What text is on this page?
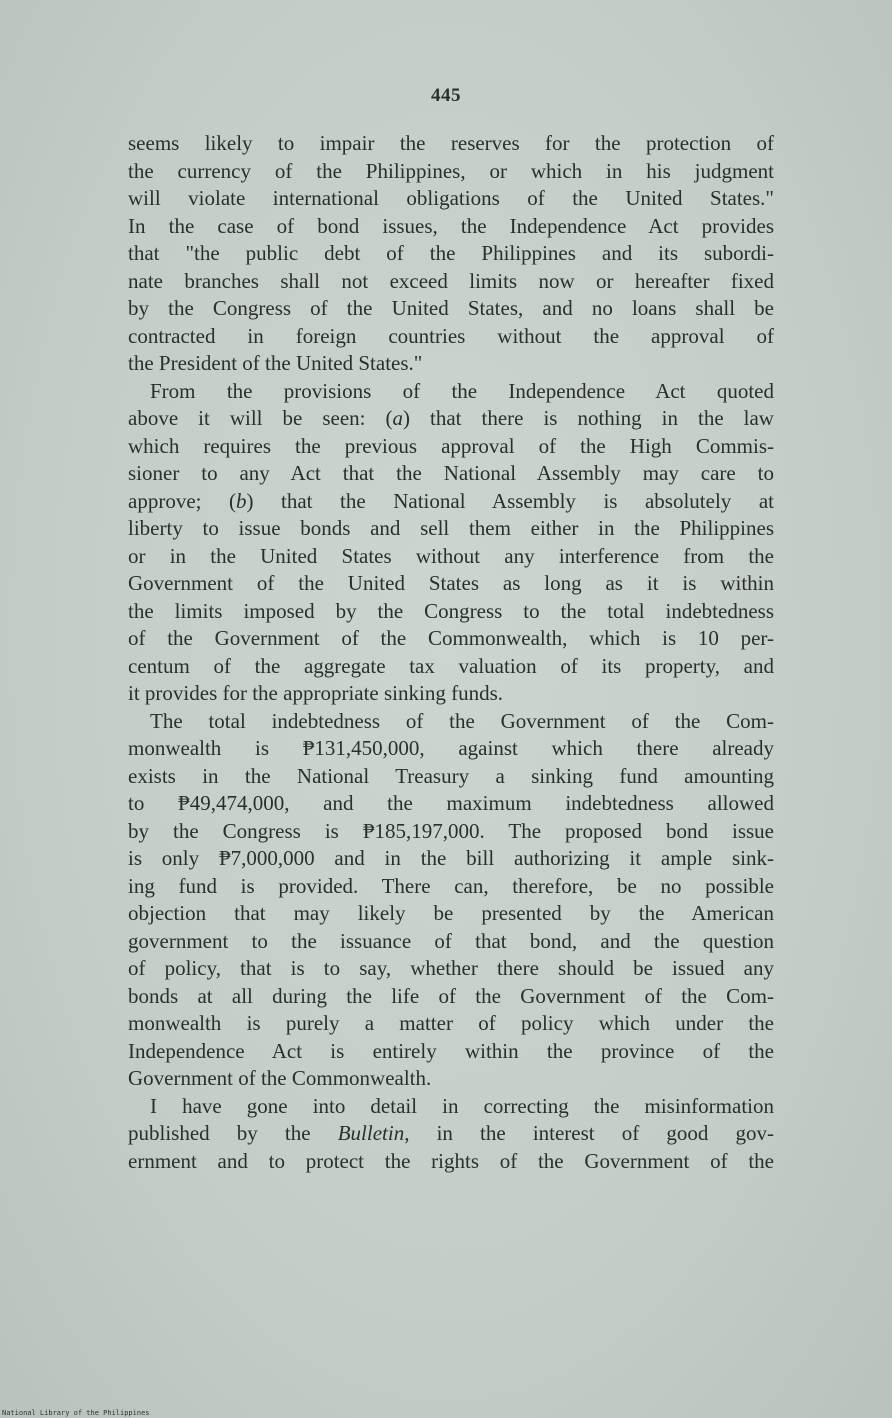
445
seems likely to impair the reserves for the protection of
the currency of the Philippines, or which in his judgment
will violate international obligations of the United States."
In the case of bond issues, the Independence Act provides
that "the public debt of the Philippines and its subordi-
nate branches shall not exceed limits now or hereafter fixed
by the Congress of the United States, and no loans shall be
contracted in foreign countries without the approval of
the President of the United States."
From the provisions of the Independence Act quoted
above it will be seen: (a) that there is nothing in the law
which requires the previous approval of the High Commis-
sioner to any Act that the National Assembly may care to
approve; (b) that the National Assembly is absolutely at
liberty to issue bonds and sell them either in the Philippines
or in the United States without any interference from the
Government of the United States as long as it is within
the limits imposed by the Congress to the total indebtedness
of the Government of the Commonwealth, which is 10 per-
centum of the aggregate tax valuation of its property, and
it provides for the appropriate sinking funds.
The total indebtedness of the Government of the Com-
monwealth is ₱131,450,000, against which there already
exists in the National Treasury a sinking fund amounting
to ₱49,474,000, and the maximum indebtedness allowed
by the Congress is ₱185,197,000. The proposed bond issue
is only ₱7,000,000 and in the bill authorizing it ample sink-
ing fund is provided. There can, therefore, be no possible
objection that may likely be presented by the American
government to the issuance of that bond, and the question
of policy, that is to say, whether there should be issued any
bonds at all during the life of the Government of the Com-
monwealth is purely a matter of policy which under the
Independence Act is entirely within the province of the
Government of the Commonwealth.
I have gone into detail in correcting the misinformation
published by the Bulletin, in the interest of good gov-
ernment and to protect the rights of the Government of the
National Library of the Philippines
